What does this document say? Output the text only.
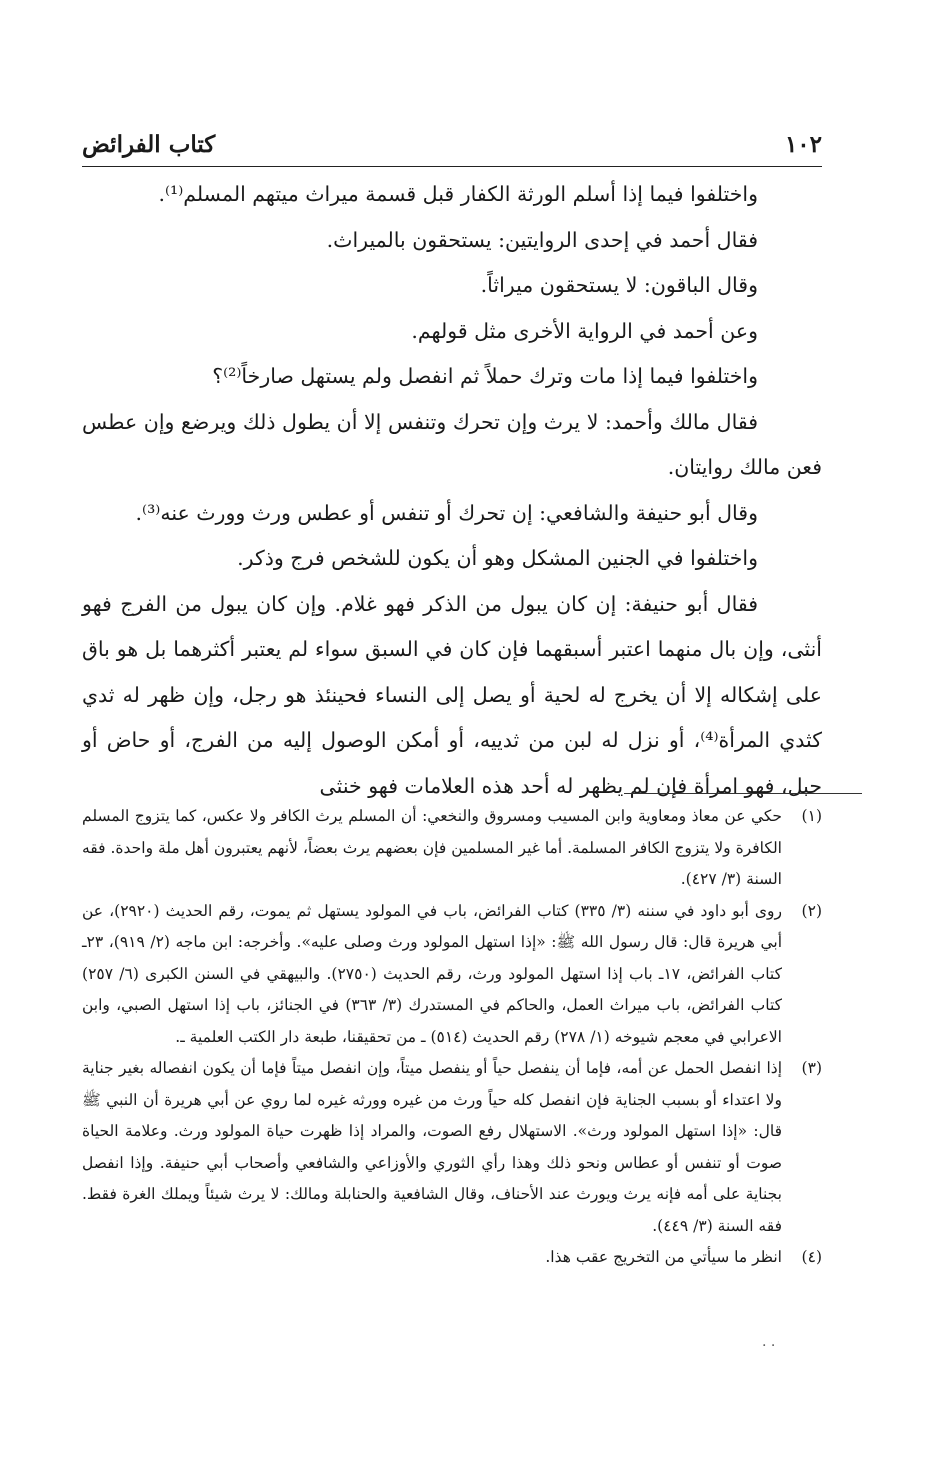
١٠٢
كتاب الفرائض

واختلفوا فيما إذا أسلم الورثة الكفار قبل قسمة ميراث ميتهم المسلم⁽¹⁾.

فقال أحمد في إحدى الروايتين: يستحقون بالميراث.

وقال الباقون: لا يستحقون ميراثاً.

وعن أحمد في الرواية الأخرى مثل قولهم.

واختلفوا فيما إذا مات وترك حملاً ثم انفصل ولم يستهل صارخاً⁽²⁾؟

فقال مالك وأحمد: لا يرث وإن تحرك وتنفس إلا أن يطول ذلك ويرضع وإن عطس فعن مالك روايتان.

وقال أبو حنيفة والشافعي: إن تحرك أو تنفس أو عطس ورث وورث عنه⁽³⁾.

واختلفوا في الجنين المشكل وهو أن يكون للشخص فرج وذكر.

فقال أبو حنيفة: إن كان يبول من الذكر فهو غلام. وإن كان يبول من الفرج فهو أنثى، وإن بال منهما اعتبر أسبقهما فإن كان في السبق سواء لم يعتبر أكثرهما بل هو باق على إشكاله إلا أن يخرج له لحية أو يصل إلى النساء فحينئذ هو رجل، وإن ظهر له ثدي كثدي المرأة⁽⁴⁾، أو نزل له لبن من ثدييه، أو أمكن الوصول إليه من الفرج، أو حاض أو حبل، فهو امرأة فإن لم يظهر له أحد هذه العلامات فهو خنثى

(١)
حكي عن معاذ ومعاوية وابن المسيب ومسروق والنخعي: أن المسلم يرث الكافر ولا عكس، كما يتزوج المسلم الكافرة ولا يتزوج الكافر المسلمة. أما غير المسلمين فإن بعضهم يرث بعضاً، لأنهم يعتبرون أهل ملة واحدة. فقه السنة (٣/ ٤٢٧).
(٢)
روى أبو داود في سننه (٣/ ٣٣٥) كتاب الفرائض، باب في المولود يستهل ثم يموت، رقم الحديث (٢٩٢٠)، عن أبي هريرة قال: قال رسول الله ﷺ: «إذا استهل المولود ورث وصلى عليه». وأخرجه: ابن ماجه (٢/ ٩١٩)، ٢٣ـ كتاب الفرائض، ١٧ـ باب إذا استهل المولود ورث، رقم الحديث (٢٧٥٠). والبيهقي في السنن الكبرى (٦/ ٢٥٧) كتاب الفرائض، باب ميراث العمل، والحاكم في المستدرك (٣/ ٣٦٣) في الجنائز، باب إذا استهل الصبي، وابن الاعرابي في معجم شيوخه (١/ ٢٧٨) رقم الحديث (٥١٤) ـ من تحقيقنا، طبعة دار الكتب العلمية ـ.
(٣)
إذا انفصل الحمل عن أمه، فإما أن ينفصل حياً أو ينفصل ميتاً، وإن انفصل ميتاً فإما أن يكون انفصاله بغير جناية ولا اعتداء أو بسبب الجناية فإن انفصل كله حياً ورث من غيره وورثه غيره لما روي عن أبي هريرة أن النبي ﷺ قال: «إذا استهل المولود ورث». الاستهلال رفع الصوت، والمراد إذا ظهرت حياة المولود ورث. وعلامة الحياة صوت أو تنفس أو عطاس ونحو ذلك وهذا رأي الثوري والأوزاعي والشافعي وأصحاب أبي حنيفة. وإذا انفصل بجناية على أمه فإنه يرث ويورث عند الأحناف، وقال الشافعية والحنابلة ومالك: لا يرث شيئاً ويملك الغرة فقط. فقه السنة (٣/ ٤٤٩).
(٤)
انظر ما سيأتي من التخريج عقب هذا.
. .
